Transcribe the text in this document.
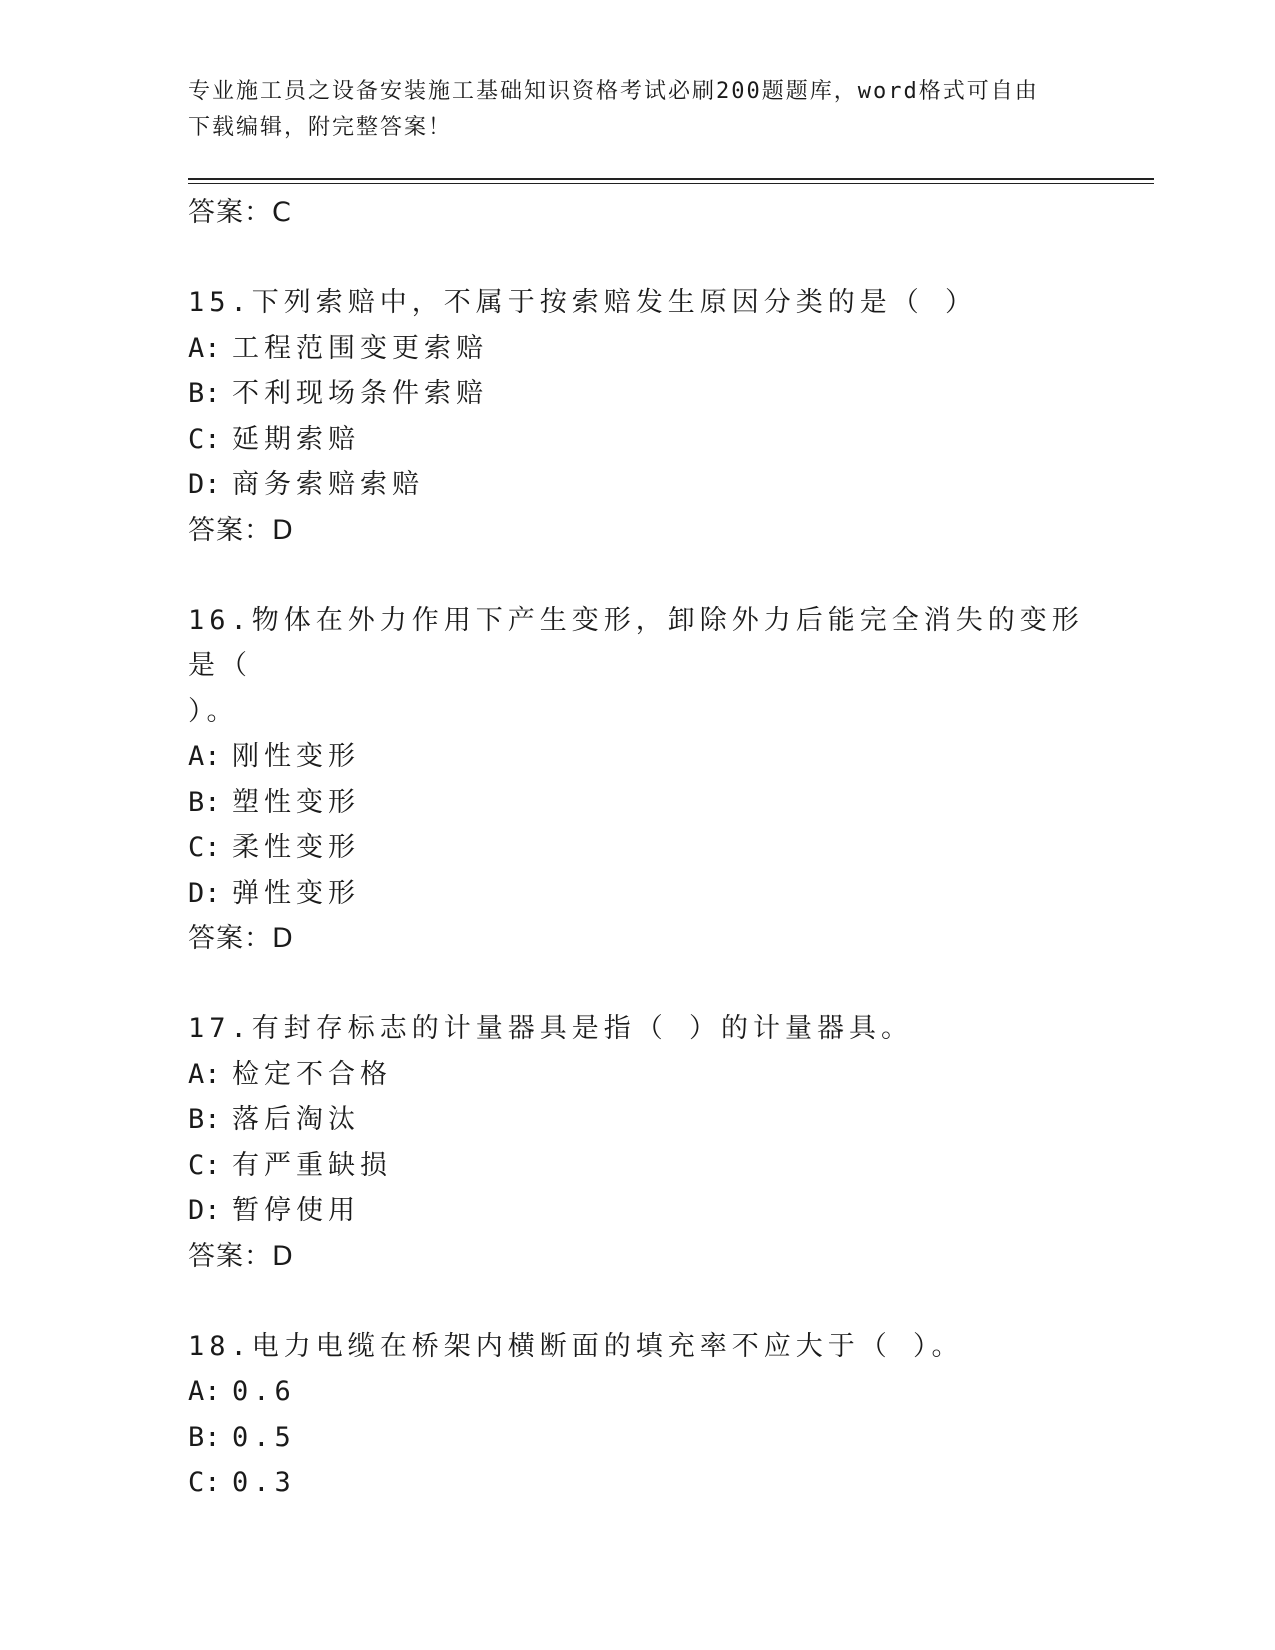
专业施工员之设备安装施工基础知识资格考试必刷200题题库，word格式可自由
下载编辑，附完整答案！
答案：C
15.下列索赔中，不属于按索赔发生原因分类的是（ ）
A: 工程范围变更索赔
B: 不利现场条件索赔
C: 延期索赔
D: 商务索赔索赔
答案：D
16.物体在外力作用下产生变形，卸除外力后能完全消失的变形是（
）。
A: 刚性变形
B: 塑性变形
C: 柔性变形
D: 弹性变形
答案：D
17.有封存标志的计量器具是指（ ）的计量器具。
A: 检定不合格
B: 落后淘汰
C: 有严重缺损
D: 暂停使用
答案：D
18.电力电缆在桥架内横断面的填充率不应大于（ ）。
A: 0.6
B: 0.5
C: 0.3
